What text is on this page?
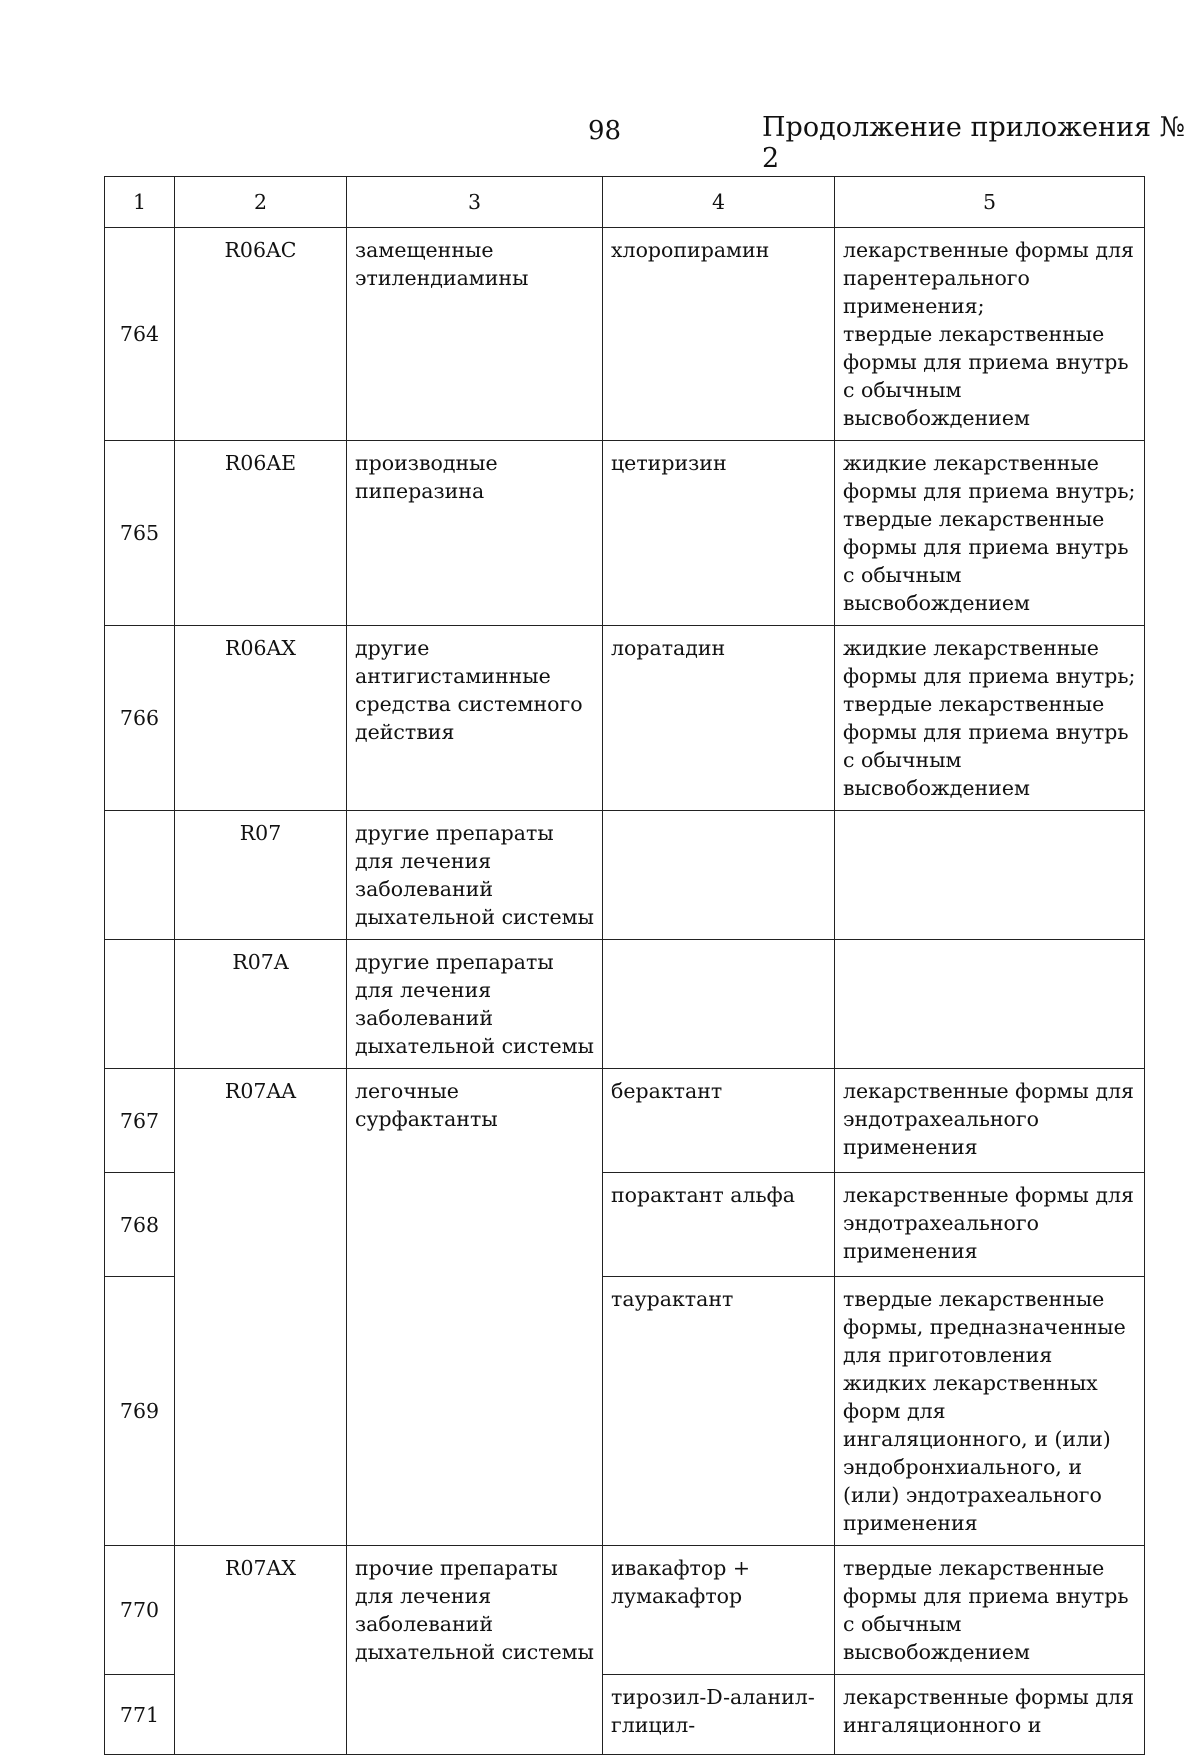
98	Продолжение приложения № 2
1	2	3	4	5
764	R06AC	замещенные этилендиамины	хлоропирамин	лекарственные формы для парентерального применения;
твердые лекарственные формы для приема внутрь с обычным высвобождением
765	R06AE	производные пиперазина	цетиризин	жидкие лекарственные формы для приема внутрь;
твердые лекарственные формы для приема внутрь с обычным высвобождением
766	R06AX	другие антигистаминные средства системного действия	лоратадин	жидкие лекарственные формы для приема внутрь;
твердые лекарственные формы для приема внутрь с обычным высвобождением
	R07	другие препараты для лечения заболеваний дыхательной системы		
	R07A	другие препараты для лечения заболеваний дыхательной системы		
767	R07AA	легочные сурфактанты	берактант	лекарственные формы для эндотрахеального применения
768			порактант альфа	лекарственные формы для эндотрахеального применения
769			таурактант	твердые лекарственные формы, предназначенные для приготовления жидких лекарственных форм для ингаляционного, и (или) эндобронхиального, и (или) эндотрахеального применения
770	R07AX	прочие препараты для лечения заболеваний дыхательной системы	ивакафтор + лумакафтор	твердые лекарственные формы для приема внутрь с обычным высвобождением
771			тирозил-D-аланил-глицил-	лекарственные формы для ингаляционного и
